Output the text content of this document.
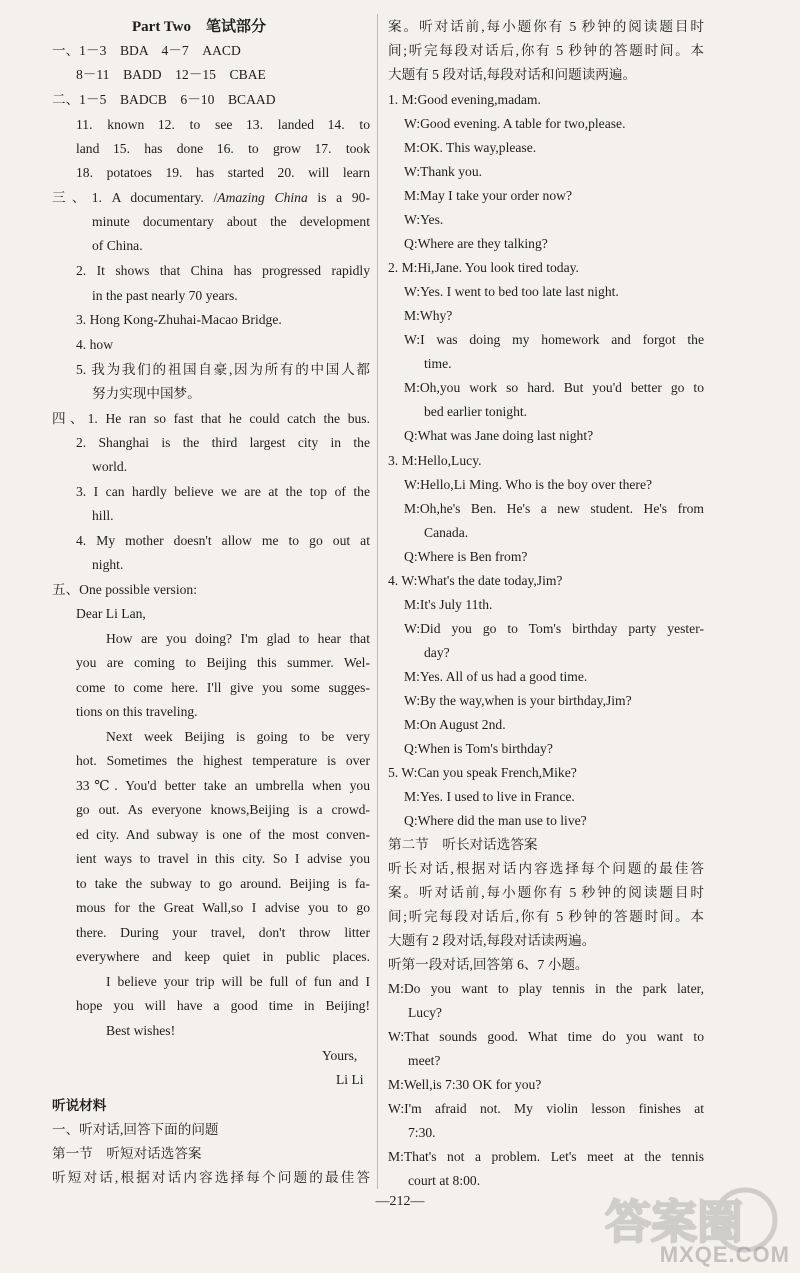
Part Two　笔试部分
一、1－3　BDA　4－7　AACD
8－11　BADD　12－15　CBAE
二、1－5　BADCB　6－10　BCAAD
11. known 12. to see 13. landed 14. to
land 15. has done 16. to grow 17. took
18. potatoes 19. has started 20. will learn
三、1. A documentary. /Amazing China is a 90-
minute documentary about the development
of China.
2. It shows that China has progressed rapidly
in the past nearly 70 years.
3. Hong Kong-Zhuhai-Macao Bridge.
4. how
5. 我为我们的祖国自豪,因为所有的中国人都
努力实现中国梦。
四、1. He ran so fast that he could catch the bus.
2. Shanghai is the third largest city in the
world.
3. I can hardly believe we are at the top of the
hill.
4. My mother doesn't allow me to go out at
night.
五、One possible version:
Dear Li Lan,
How are you doing? I'm glad to hear that
you are coming to Beijing this summer. Wel-
come to come here. I'll give you some sugges-
tions on this traveling.
Next week Beijing is going to be very
hot. Sometimes the highest temperature is over
33℃. You'd better take an umbrella when you
go out. As everyone knows,Beijing is a crowd-
ed city. And subway is one of the most conven-
ient ways to travel in this city. So I advise you
to take the subway to go around. Beijing is fa-
mous for the Great Wall,so I advise you to go
there. During your travel, don't throw litter
everywhere and keep quiet in public places.
I believe your trip will be full of fun and I
hope you will have a good time in Beijing!
Best wishes!
Yours,
Li Li
听说材料
一、听对话,回答下面的问题
第一节　听短对话选答案
听短对话,根据对话内容选择每个问题的最佳答
案。听对话前,每小题你有 5 秒钟的阅读题目时
间;听完每段对话后,你有 5 秒钟的答题时间。本
大题有 5 段对话,每段对话和问题读两遍。
1. M:Good evening,madam.
W:Good evening. A table for two,please.
M:OK. This way,please.
W:Thank you.
M:May I take your order now?
W:Yes.
Q:Where are they talking?
2. M:Hi,Jane. You look tired today.
W:Yes. I went to bed too late last night.
M:Why?
W:I was doing my homework and forgot the
time.
M:Oh,you work so hard. But you'd better go to
bed earlier tonight.
Q:What was Jane doing last night?
3. M:Hello,Lucy.
W:Hello,Li Ming. Who is the boy over there?
M:Oh,he's Ben. He's a new student. He's from
Canada.
Q:Where is Ben from?
4. W:What's the date today,Jim?
M:It's July 11th.
W:Did you go to Tom's birthday party yester-
day?
M:Yes. All of us had a good time.
W:By the way,when is your birthday,Jim?
M:On August 2nd.
Q:When is Tom's birthday?
5. W:Can you speak French,Mike?
M:Yes. I used to live in France.
Q:Where did the man use to live?
第二节　听长对话选答案
听长对话,根据对话内容选择每个问题的最佳答
案。听对话前,每小题你有 5 秒钟的阅读题目时
间;听完每段对话后,你有 5 秒钟的答题时间。本
大题有 2 段对话,每段对话读两遍。
听第一段对话,回答第 6、7 小题。
M:Do you want to play tennis in the park later,
Lucy?
W:That sounds good. What time do you want to
meet?
M:Well,is 7:30 OK for you?
W:I'm afraid not. My violin lesson finishes at
7:30.
M:That's not a problem. Let's meet at the tennis
court at 8:00.
—212—	答案圈
MXQE.COM
